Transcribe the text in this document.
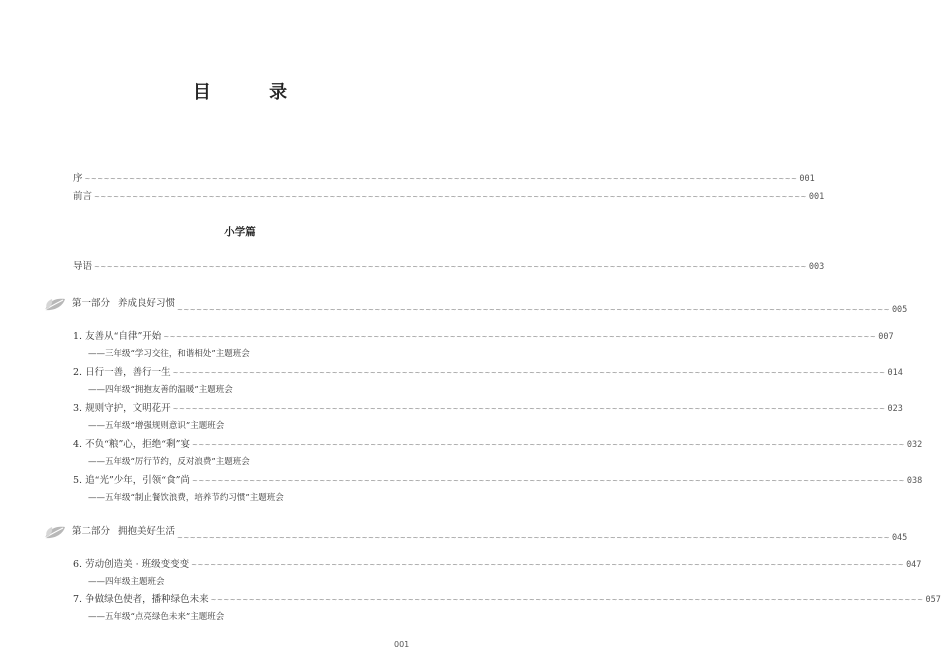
目 录
序 ~~~~~~~~~~~~~~~~~~~~~~~~~~~~~~~~~~~~~~~~~~~~~~~~~~~~~~~~~~~~~~~~~~~~~~~~~~~~~~~~~~~~~~~~~~~~~~~~~~~~~~~~~~~~~~~~ 001
前言 ~~~~~~~~~~~~~~~~~~~~~~~~~~~~~~~~~~~~~~~~~~~~~~~~~~~~~~~~~~~~~~~~~~~~~~~~~~~~~~~~~~~~~~~~~~~~~~~~~~~~~~~~~~~~~~~~ 001
小学篇
导语 ~~~~~~~~~~~~~~~~~~~~~~~~~~~~~~~~~~~~~~~~~~~~~~~~~~~~~~~~~~~~~~~~~~~~~~~~~~~~~~~~~~~~~~~~~~~~~~~~~~~~~~~~~~~~~~~~ 003
第一部分 养成良好习惯
~~~~~~~~~~~~~~~~~~~~~~~~~~~~~~~~~~~~~~~~~~~~~~~~~~~~~~~~~~~~~~~~~~~~~~~~~~~~~~~~~~~~~~~~~~~~~~~~~~~~~~~~~~~~~~~~ 005
1. 友善从“自律”开始 ~~~~~~~~~~~~~~~~~~~~~~~~~~~~~~~~~~~~~~~~~~~~~~~~~~~~~~~~~~~~~~~~~~~~~~~~~~~~~~~~~~~~~~~~~~~~~~~~~~~~~~~~~~~~~~~~ 007
——三年级“学习交往，和谐相处”主题班会
2. 日行一善，善行一生 ~~~~~~~~~~~~~~~~~~~~~~~~~~~~~~~~~~~~~~~~~~~~~~~~~~~~~~~~~~~~~~~~~~~~~~~~~~~~~~~~~~~~~~~~~~~~~~~~~~~~~~~~~~~~~~~~ 014
——四年级“拥抱友善的温暖”主题班会
3. 规则守护，文明花开 ~~~~~~~~~~~~~~~~~~~~~~~~~~~~~~~~~~~~~~~~~~~~~~~~~~~~~~~~~~~~~~~~~~~~~~~~~~~~~~~~~~~~~~~~~~~~~~~~~~~~~~~~~~~~~~~~ 023
——五年级“增强规则意识”主题班会
4. 不负“粮”心，拒绝“剩”宴 ~~~~~~~~~~~~~~~~~~~~~~~~~~~~~~~~~~~~~~~~~~~~~~~~~~~~~~~~~~~~~~~~~~~~~~~~~~~~~~~~~~~~~~~~~~~~~~~~~~~~~~~~~~~~~~~~ 032
——五年级“厉行节约，反对浪费”主题班会
5. 追“光”少年，引领“食”尚 ~~~~~~~~~~~~~~~~~~~~~~~~~~~~~~~~~~~~~~~~~~~~~~~~~~~~~~~~~~~~~~~~~~~~~~~~~~~~~~~~~~~~~~~~~~~~~~~~~~~~~~~~~~~~~~~~ 038
——五年级“制止餐饮浪费，培养节约习惯”主题班会
第二部分 拥抱美好生活
~~~~~~~~~~~~~~~~~~~~~~~~~~~~~~~~~~~~~~~~~~~~~~~~~~~~~~~~~~~~~~~~~~~~~~~~~~~~~~~~~~~~~~~~~~~~~~~~~~~~~~~~~~~~~~~~ 045
6. 劳动创造美 · 班级变变变 ~~~~~~~~~~~~~~~~~~~~~~~~~~~~~~~~~~~~~~~~~~~~~~~~~~~~~~~~~~~~~~~~~~~~~~~~~~~~~~~~~~~~~~~~~~~~~~~~~~~~~~~~~~~~~~~~ 047
——四年级主题班会
7. 争做绿色使者，播种绿色未来 ~~~~~~~~~~~~~~~~~~~~~~~~~~~~~~~~~~~~~~~~~~~~~~~~~~~~~~~~~~~~~~~~~~~~~~~~~~~~~~~~~~~~~~~~~~~~~~~~~~~~~~~~~~~~~~~~ 057
——五年级“点亮绿色未来”主题班会
001
